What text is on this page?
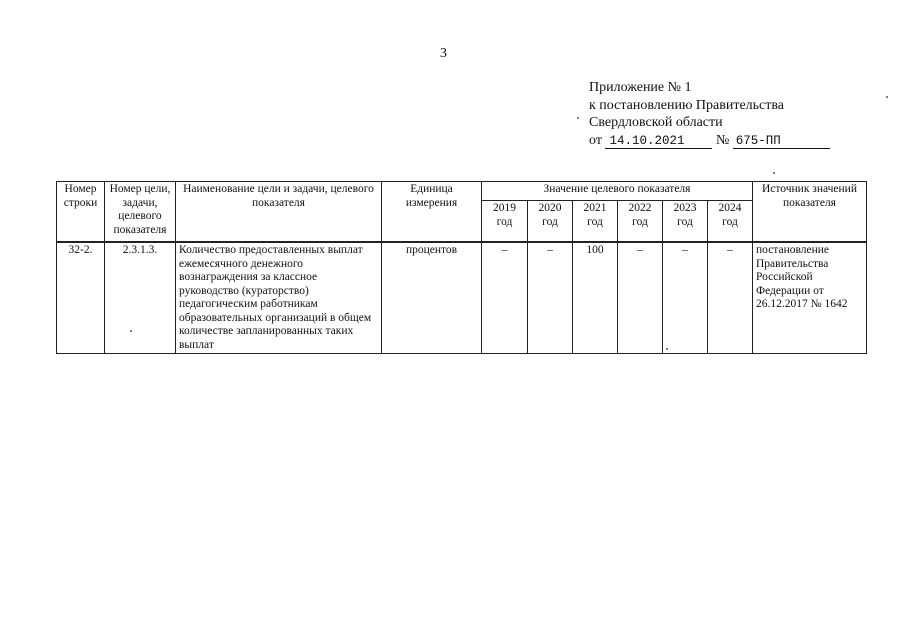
3
Приложение № 1
к постановлению Правительства
Свердловской области
от 14.10.2021 № 675-ПП
Номер строки	Номер цели, задачи, целевого показателя	Наименование цели и задачи, целевого показателя	Единица измерения	Значение целевого показателя						Источник значений показателя
				2019 год	2020 год	2021 год	2022 год	2023 год	2024 год	
32-2.	2.3.1.3.	Количество предоставленных выплат ежемесячного денежного вознаграждения за классное руководство (кураторство) педагогическим работникам образовательных организаций в общем количестве запланированных таких выплат	процентов	–	–	100	–	–	–	постановление Правительства Российской Федерации от 26.12.2017 № 1642
